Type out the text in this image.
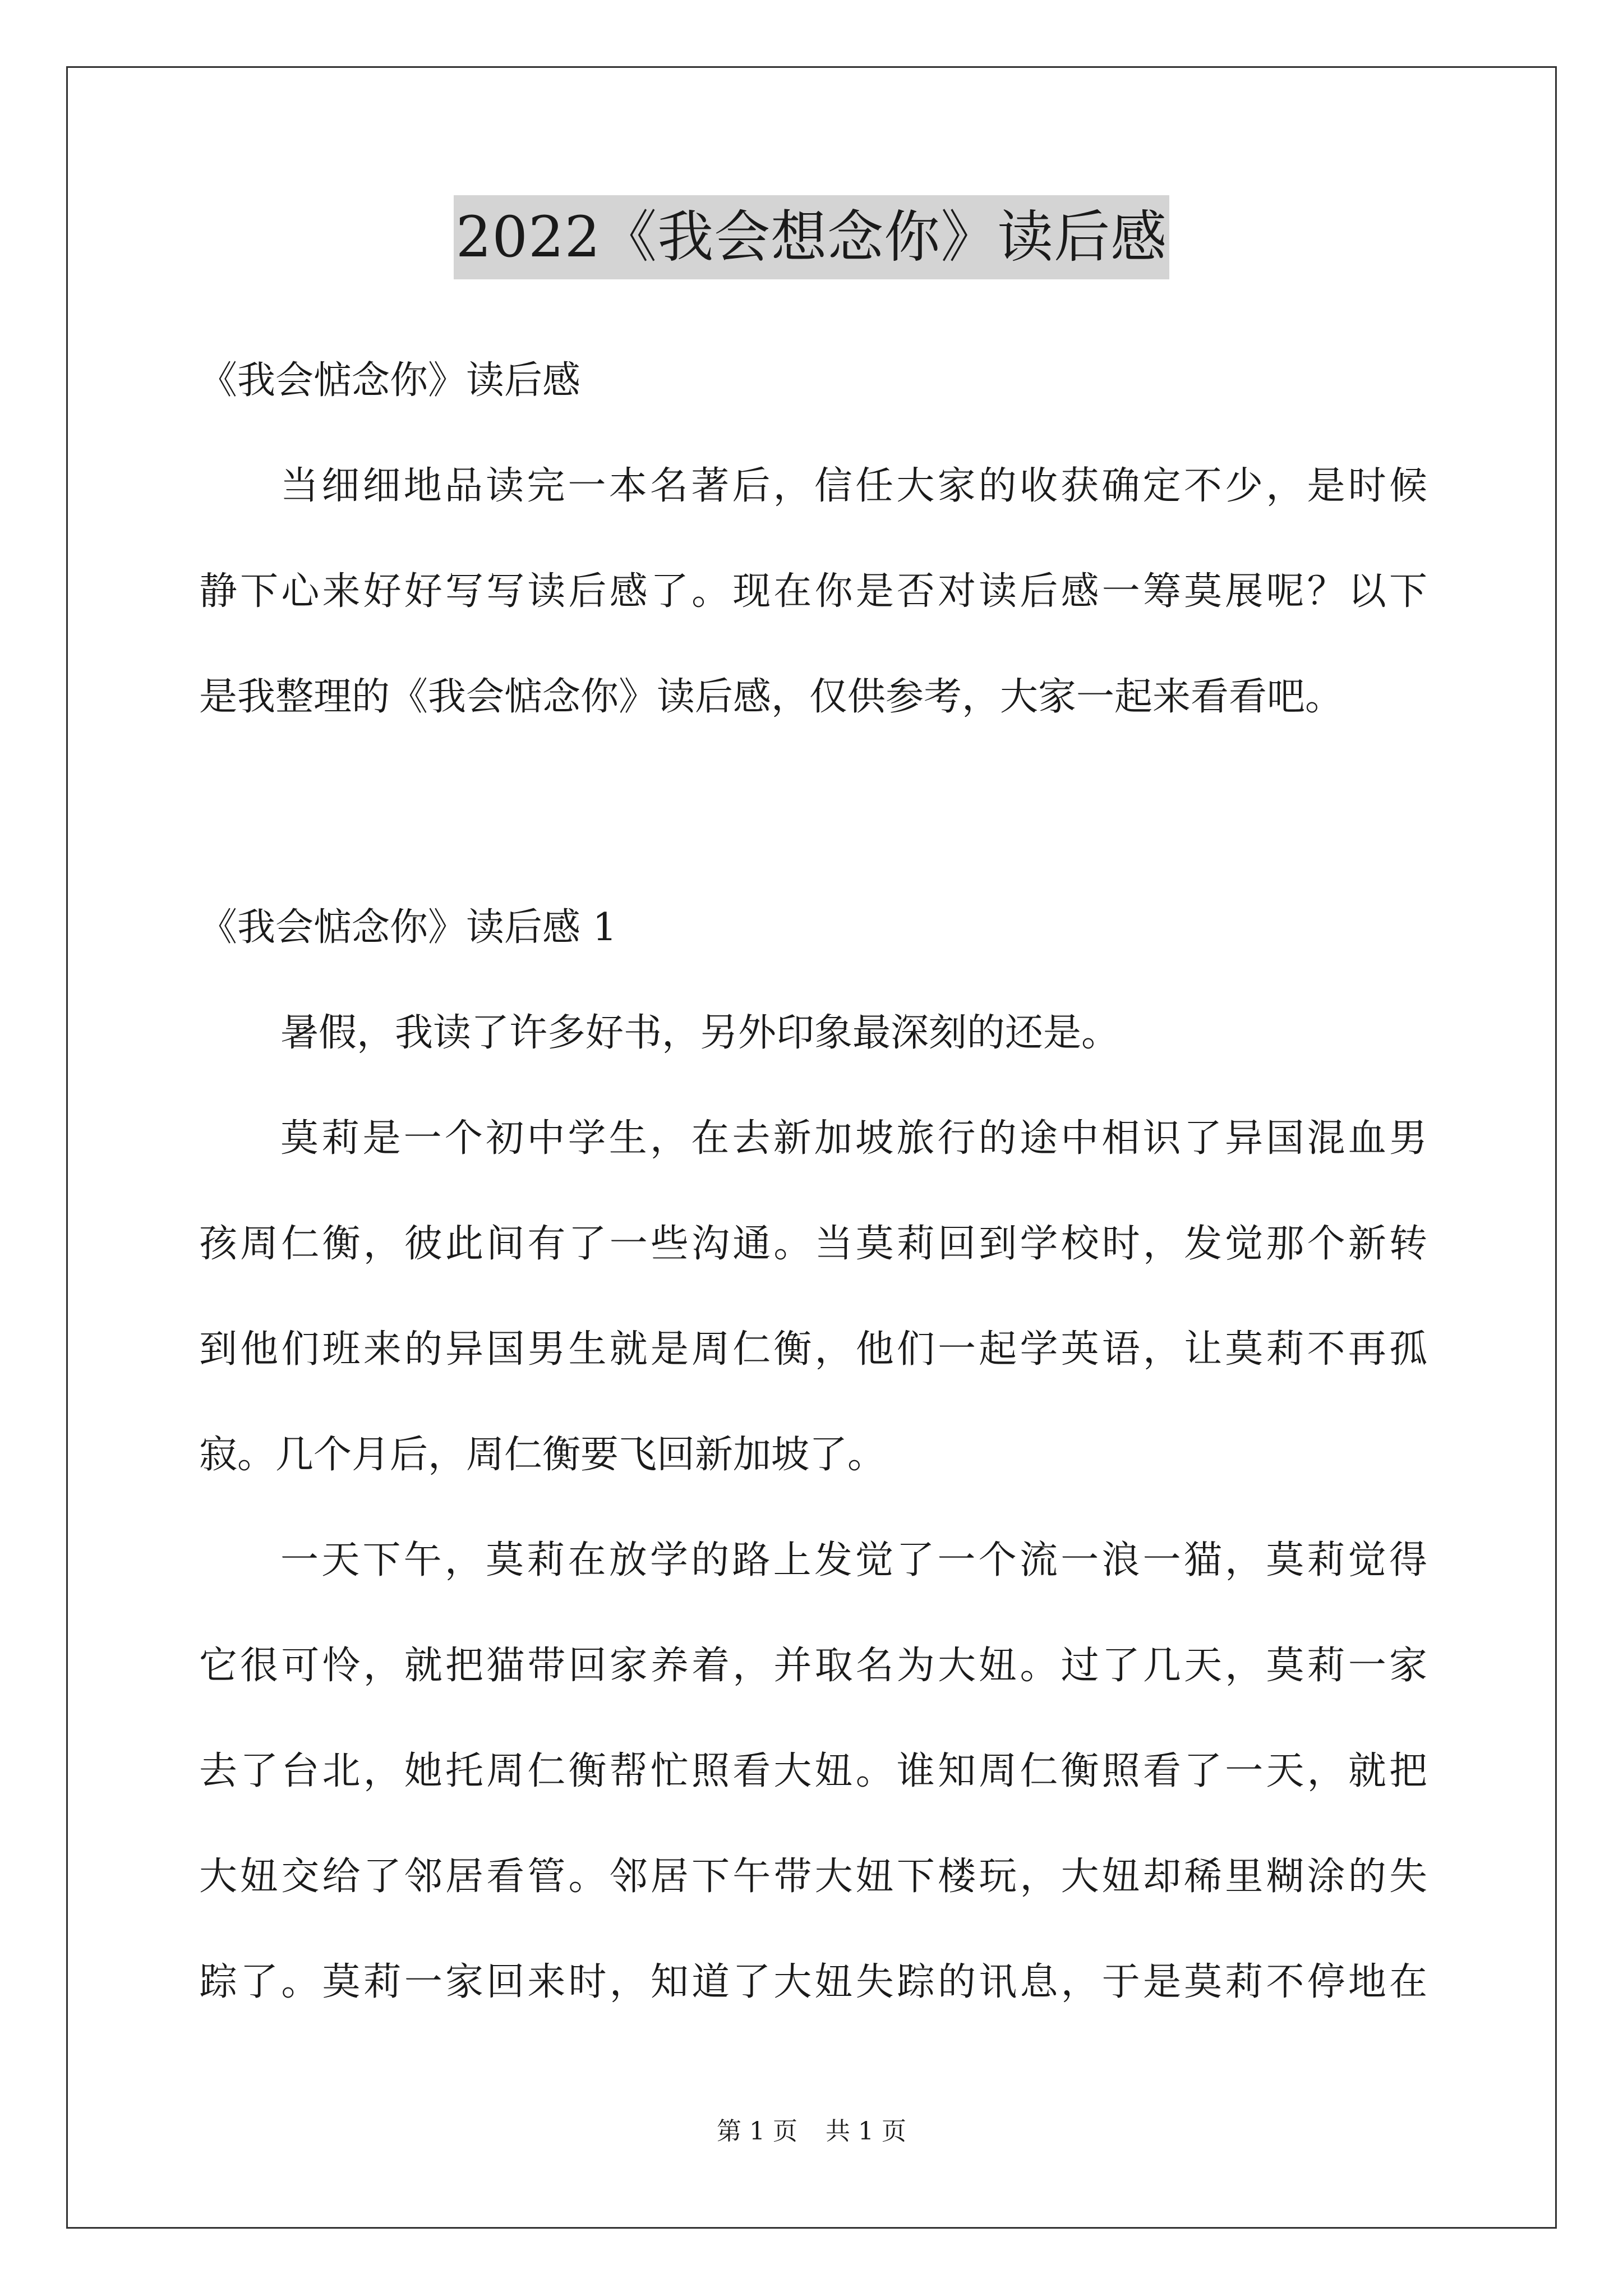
2022《我会想念你》读后感
《我会惦念你》读后感
当细细地品读完一本名著后，信任大家的收获确定不少，是时候
静下心来好好写写读后感了。现在你是否对读后感一筹莫展呢？以下
是我整理的《我会惦念你》读后感，仅供参考，大家一起来看看吧。
《我会惦念你》读后感 1
暑假，我读了许多好书，另外印象最深刻的还是。
莫莉是一个初中学生，在去新加坡旅行的途中相识了异国混血男
孩周仁衡，彼此间有了一些沟通。当莫莉回到学校时，发觉那个新转
到他们班来的异国男生就是周仁衡，他们一起学英语，让莫莉不再孤
寂。几个月后，周仁衡要飞回新加坡了。
一天下午，莫莉在放学的路上发觉了一个流一浪一猫，莫莉觉得
它很可怜，就把猫带回家养着，并取名为大妞。过了几天，莫莉一家
去了台北，她托周仁衡帮忙照看大妞。谁知周仁衡照看了一天，就把
大妞交给了邻居看管。邻居下午带大妞下楼玩，大妞却稀里糊涂的失
踪了。莫莉一家回来时，知道了大妞失踪的讯息，于是莫莉不停地在
第 1 页 共 1 页
